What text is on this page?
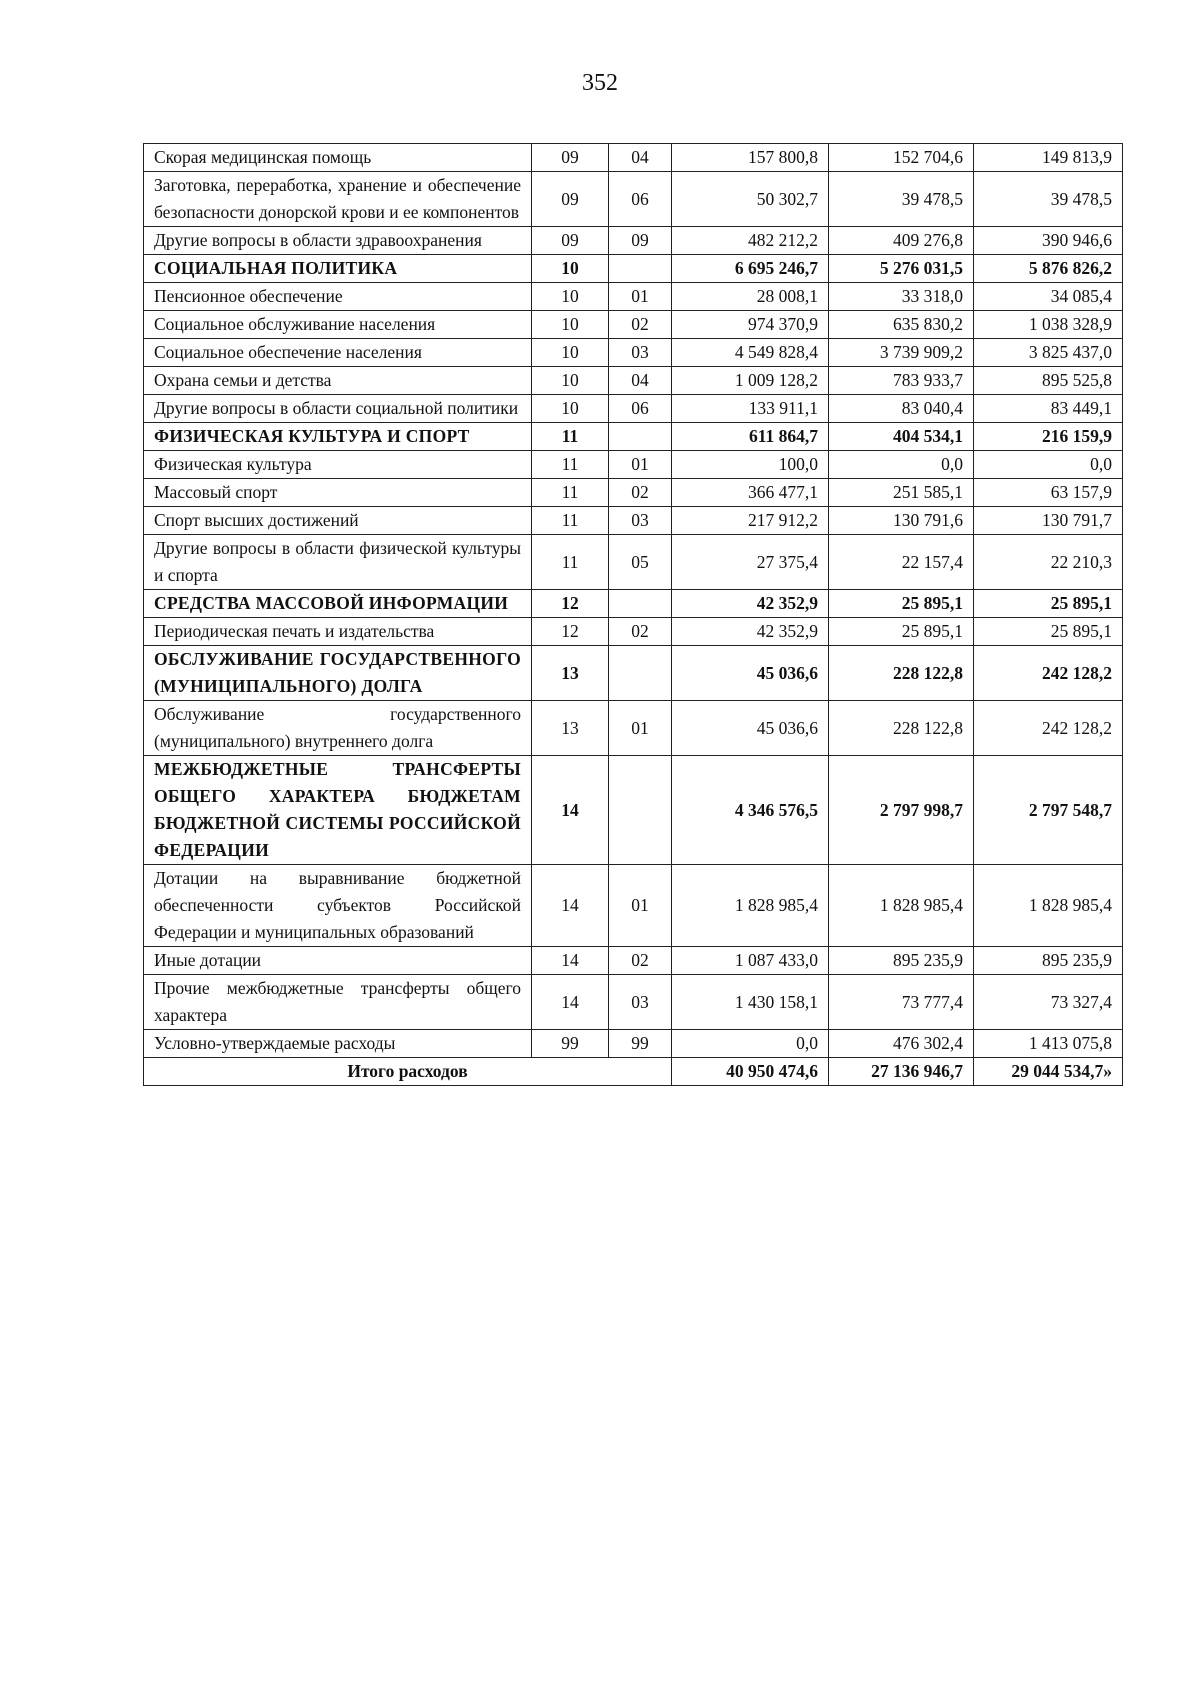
352
Скорая медицинская помощь	09	04	157 800,8	152 704,6	149 813,9
Заготовка, переработка, хранение и обеспечение безопасности донорской крови и ее компонентов	09	06	50 302,7	39 478,5	39 478,5
Другие вопросы в области здравоохранения	09	09	482 212,2	409 276,8	390 946,6
СОЦИАЛЬНАЯ ПОЛИТИКА	10		6 695 246,7	5 276 031,5	5 876 826,2
Пенсионное обеспечение	10	01	28 008,1	33 318,0	34 085,4
Социальное обслуживание населения	10	02	974 370,9	635 830,2	1 038 328,9
Социальное обеспечение населения	10	03	4 549 828,4	3 739 909,2	3 825 437,0
Охрана семьи и детства	10	04	1 009 128,2	783 933,7	895 525,8
Другие вопросы в области социальной политики	10	06	133 911,1	83 040,4	83 449,1
ФИЗИЧЕСКАЯ КУЛЬТУРА И СПОРТ	11		611 864,7	404 534,1	216 159,9
Физическая культура	11	01	100,0	0,0	0,0
Массовый спорт	11	02	366 477,1	251 585,1	63 157,9
Спорт высших достижений	11	03	217 912,2	130 791,6	130 791,7
Другие вопросы в области физической культуры и спорта	11	05	27 375,4	22 157,4	22 210,3
СРЕДСТВА МАССОВОЙ ИНФОРМАЦИИ	12		42 352,9	25 895,1	25 895,1
Периодическая печать и издательства	12	02	42 352,9	25 895,1	25 895,1
ОБСЛУЖИВАНИЕ ГОСУДАРСТВЕННОГО (МУНИЦИПАЛЬНОГО) ДОЛГА	13		45 036,6	228 122,8	242 128,2
Обслуживание государственного (муниципального) внутреннего долга	13	01	45 036,6	228 122,8	242 128,2
МЕЖБЮДЖЕТНЫЕ ТРАНСФЕРТЫ ОБЩЕГО ХАРАКТЕРА БЮДЖЕТАМ БЮДЖЕТНОЙ СИСТЕМЫ РОССИЙСКОЙ ФЕДЕРАЦИИ	14		4 346 576,5	2 797 998,7	2 797 548,7
Дотации на выравнивание бюджетной обеспеченности субъектов Российской Федерации и муниципальных образований	14	01	1 828 985,4	1 828 985,4	1 828 985,4
Иные дотации	14	02	1 087 433,0	895 235,9	895 235,9
Прочие межбюджетные трансферты общего характера	14	03	1 430 158,1	73 777,4	73 327,4
Условно-утверждаемые расходы	99	99	0,0	476 302,4	1 413 075,8
Итого расходов			40 950 474,6	27 136 946,7	29 044 534,7»
